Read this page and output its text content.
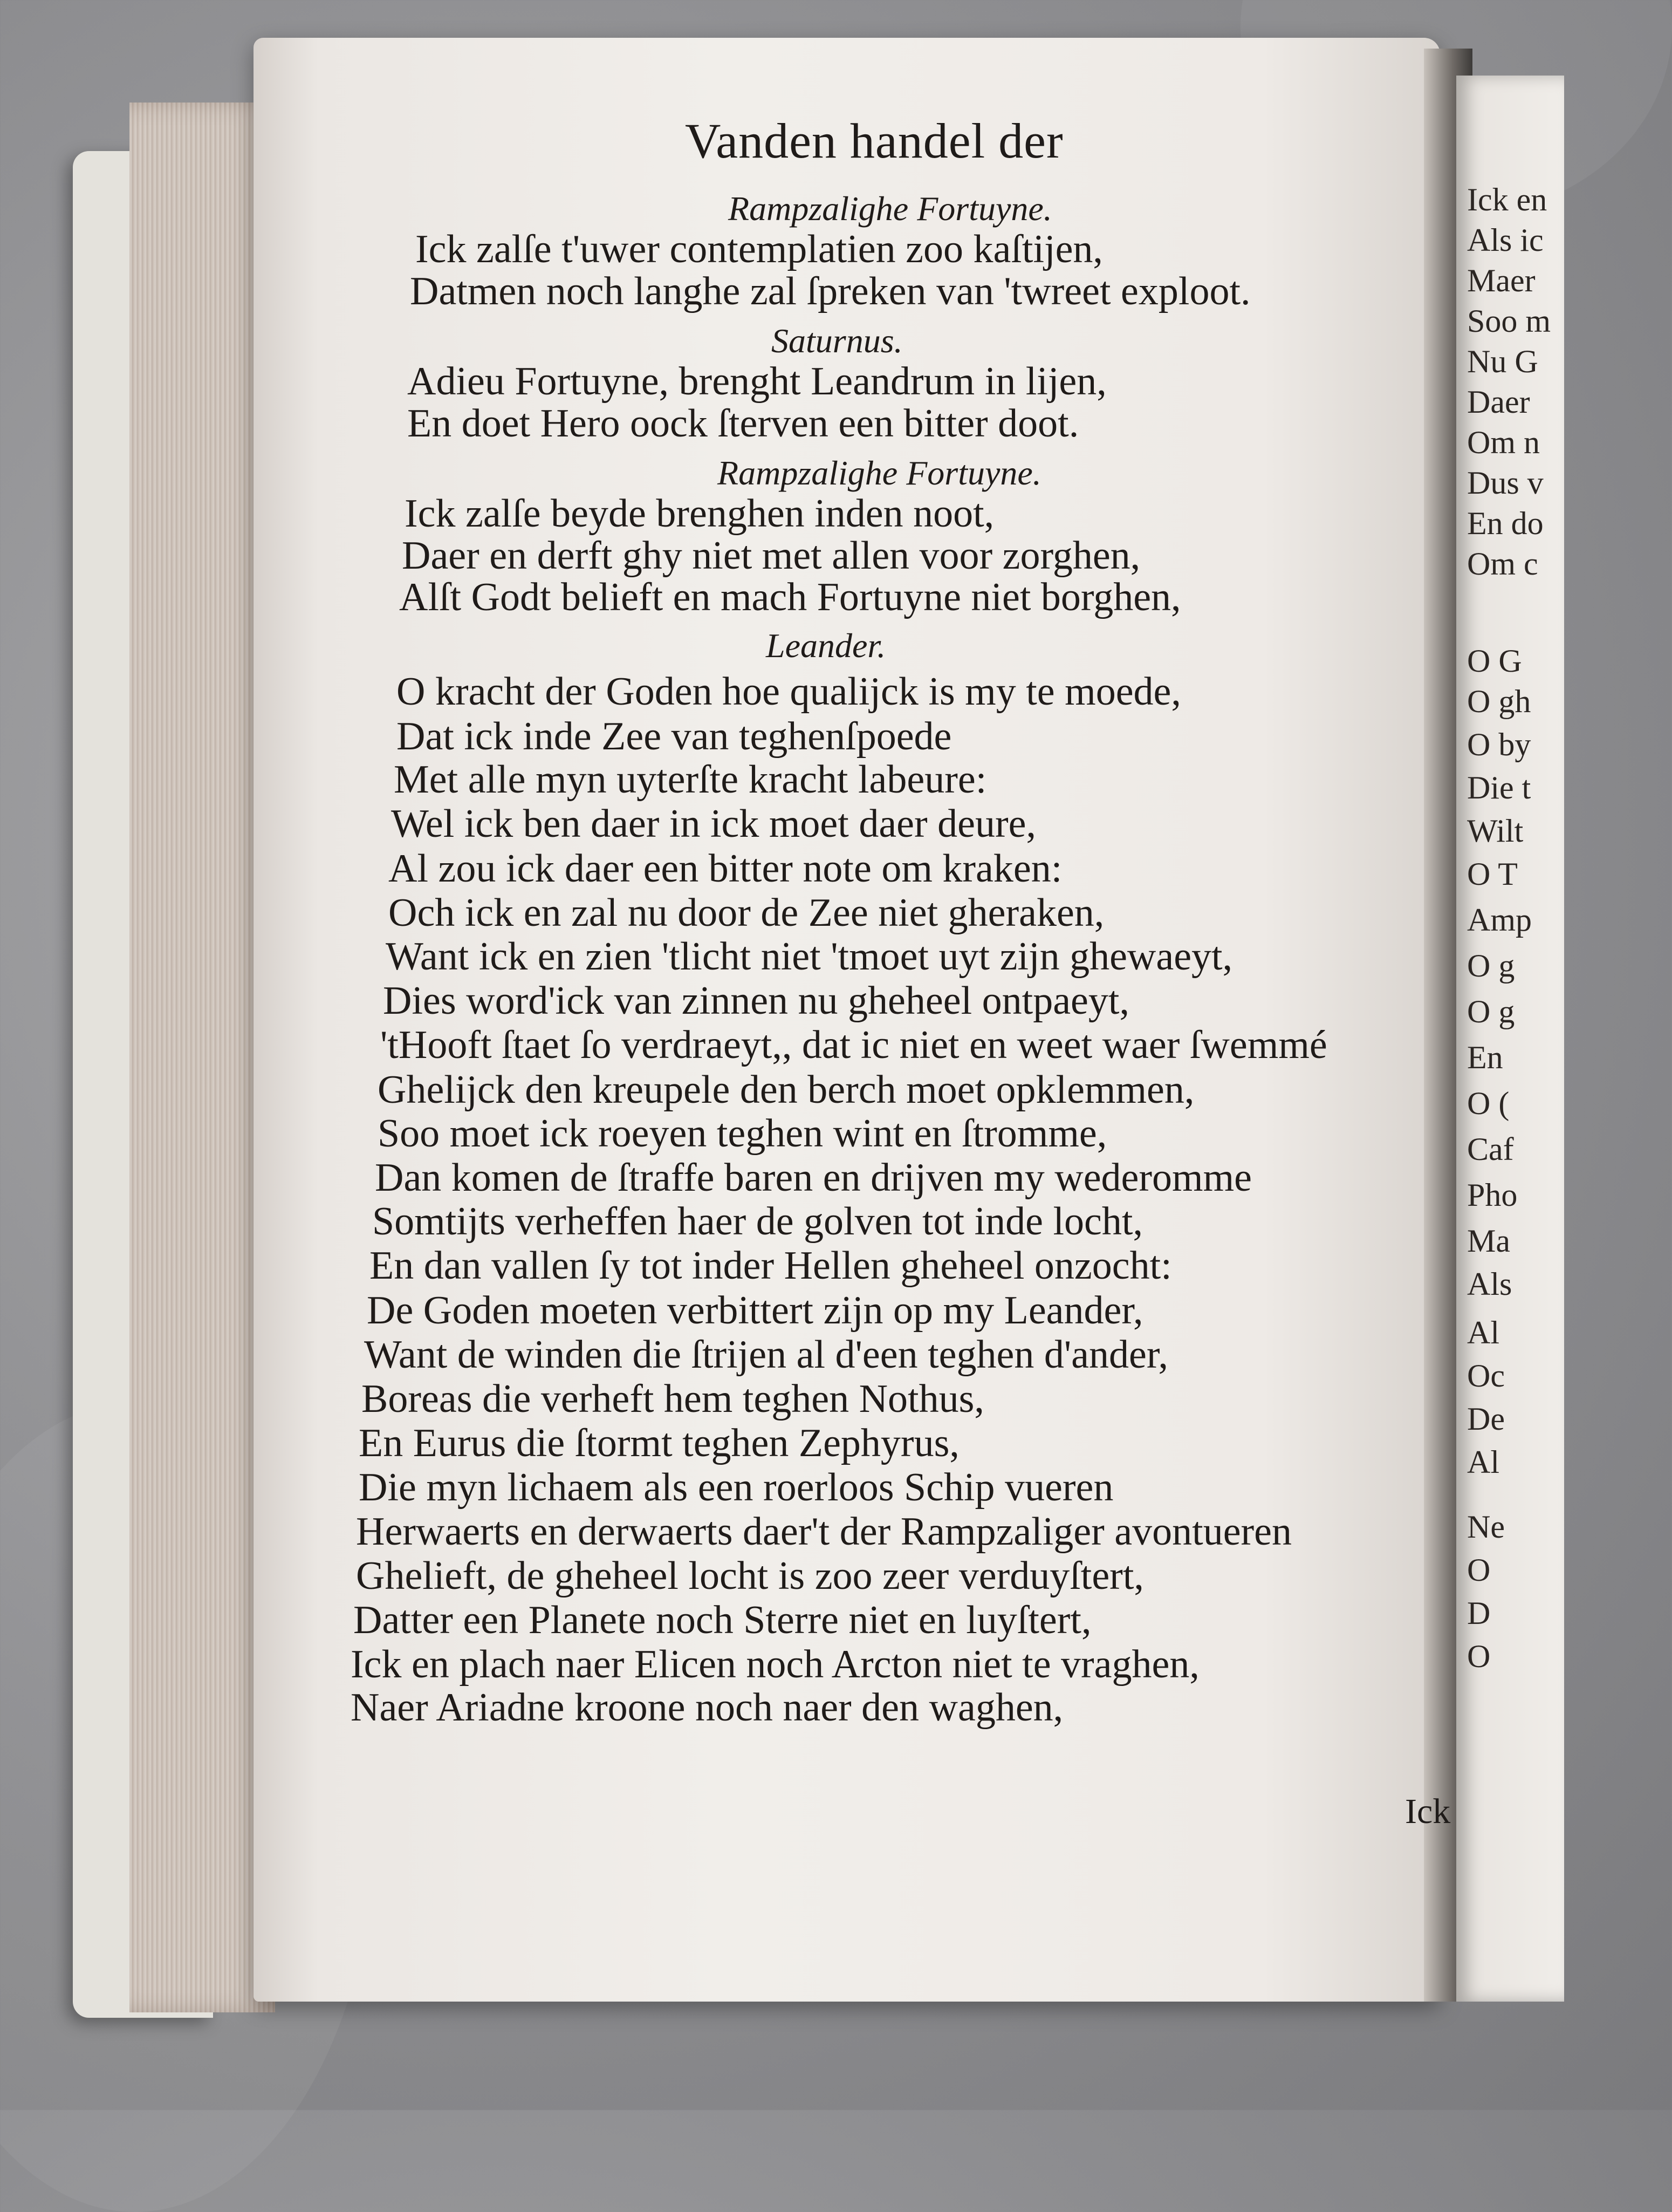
Ick en
Als ic
Maer
Soo m
Nu G
Daer
Om n
Dus v
En do
Om c
O G
O gh
O by
Die t
Wilt
O T
Amp
O g
O g
En
O (
Caf
Pho
Ma
Als
Al
Oc
De
Al
Ne
O
D
O
Vanden handel der
Rampzalighe Fortuyne.
Ick zalſe t'uwer contemplatien zoo kaſtijen,
Datmen noch langhe zal ſpreken van 'twreet exploot.
Saturnus.
Adieu Fortuyne, brenght Leandrum in lijen,
En doet Hero oock ſterven een bitter doot.
Rampzalighe Fortuyne.
Ick zalſe beyde brenghen inden noot,
Daer en derft ghy niet met allen voor zorghen,
Alſt Godt belieft en mach Fortuyne niet borghen,
Leander.
O kracht der Goden hoe qualijck is my te moede,
Dat ick inde Zee van teghenſpoede
Met alle myn uyterſte kracht labeure:
Wel ick ben daer in ick moet daer deure,
Al zou ick daer een bitter note om kraken:
Och ick en zal nu door de Zee niet gheraken,
Want ick en zien 'tlicht niet 'tmoet uyt zijn ghewaeyt,
Dies word'ick van zinnen nu gheheel ontpaeyt,
'tHooft ſtaet ſo verdraeyt,, dat ic niet en weet waer ſwemmé
Ghelijck den kreupele den berch moet opklemmen,
Soo moet ick roeyen teghen wint en ſtromme,
Dan komen de ſtraffe baren en drijven my wederomme
Somtijts verheffen haer de golven tot inde locht,
En dan vallen ſy tot inder Hellen gheheel onzocht:
De Goden moeten verbittert zijn op my Leander,
Want de winden die ſtrijen al d'een teghen d'ander,
Boreas die verheft hem teghen Nothus,
En Eurus die ſtormt teghen Zephyrus,
Die myn lichaem als een roerloos Schip vueren
Herwaerts en derwaerts daer't der Rampzaliger avontueren
Ghelieft, de gheheel locht is zoo zeer verduyſtert,
Datter een Planete noch Sterre niet en luyſtert,
Ick en plach naer Elicen noch Arcton niet te vraghen,
Naer Ariadne kroone noch naer den waghen,
Ick
